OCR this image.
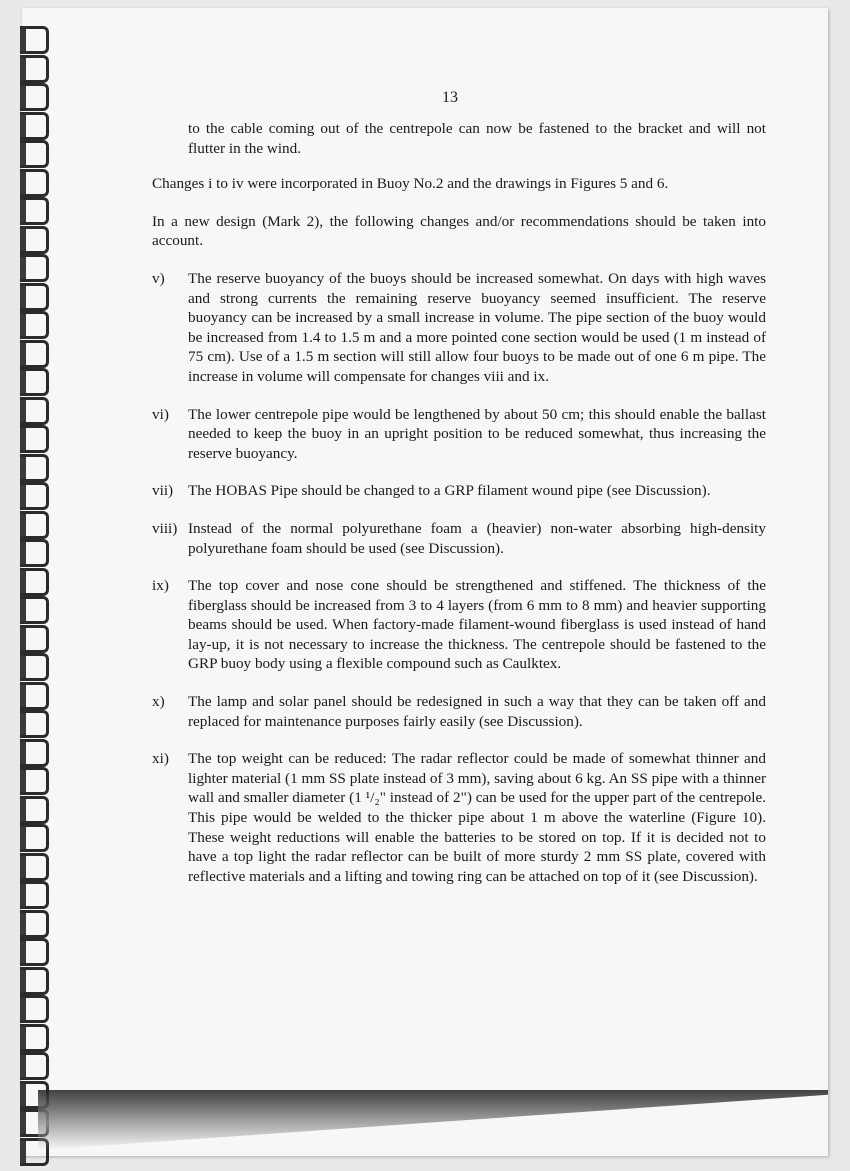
13

to the cable coming out of the centrepole can now be fastened to the bracket and will not flutter in the wind.

Changes i to iv were incorporated in Buoy No.2 and the drawings in Figures 5 and 6.

In a new design (Mark 2), the following changes and/or recommendations should be taken into account.

v)	The reserve buoyancy of the buoys should be increased somewhat. On days with high waves and strong currents the remaining reserve buoyancy seemed insufficient. The reserve buoyancy can be increased by a small increase in volume. The pipe section of the buoy would be increased from 1.4 to 1.5 m and a more pointed cone section would be used (1 m instead of 75 cm). Use of a 1.5 m section will still allow four buoys to be made out of one 6 m pipe. The increase in volume will compensate for changes viii and ix.
vi)	The lower centrepole pipe would be lengthened by about 50 cm; this should enable the ballast needed to keep the buoy in an upright position to be reduced somewhat, thus increasing the reserve buoyancy.
vii) The HOBAS Pipe should be changed to a GRP filament wound pipe (see Discussion).
viii) Instead of the normal polyurethane foam a (heavier) non-water absorbing high-density polyurethane foam should be used (see Discussion).
ix)	The top cover and nose cone should be strengthened and stiffened. The thickness of the fiberglass should be increased from 3 to 4 layers (from 6 mm to 8 mm) and heavier supporting beams should be used. When factory-made filament-wound fiberglass is used instead of hand lay-up, it is not necessary to increase the thickness. The centrepole should be fastened to the GRP buoy body using a flexible compound such as Caulktex.
x)	The lamp and solar panel should be redesigned in such a way that they can be taken off and replaced for maintenance purposes fairly easily (see Discussion).
xi)	The top weight can be reduced: The radar reflector could be made of somewhat thinner and lighter material (1 mm SS plate instead of 3 mm), saving about 6 kg. An SS pipe with a thinner wall and smaller diameter (1 ¹/₂" instead of 2") can be used for the upper part of the centrepole. This pipe would be welded to the thicker pipe about 1 m above the waterline (Figure 10). These weight reductions will enable the batteries to be stored on top. If it is decided not to have a top light the radar reflector can be built of more sturdy 2 mm SS plate, covered with reflective materials and a lifting and towing ring can be attached on top of it (see Discussion).
